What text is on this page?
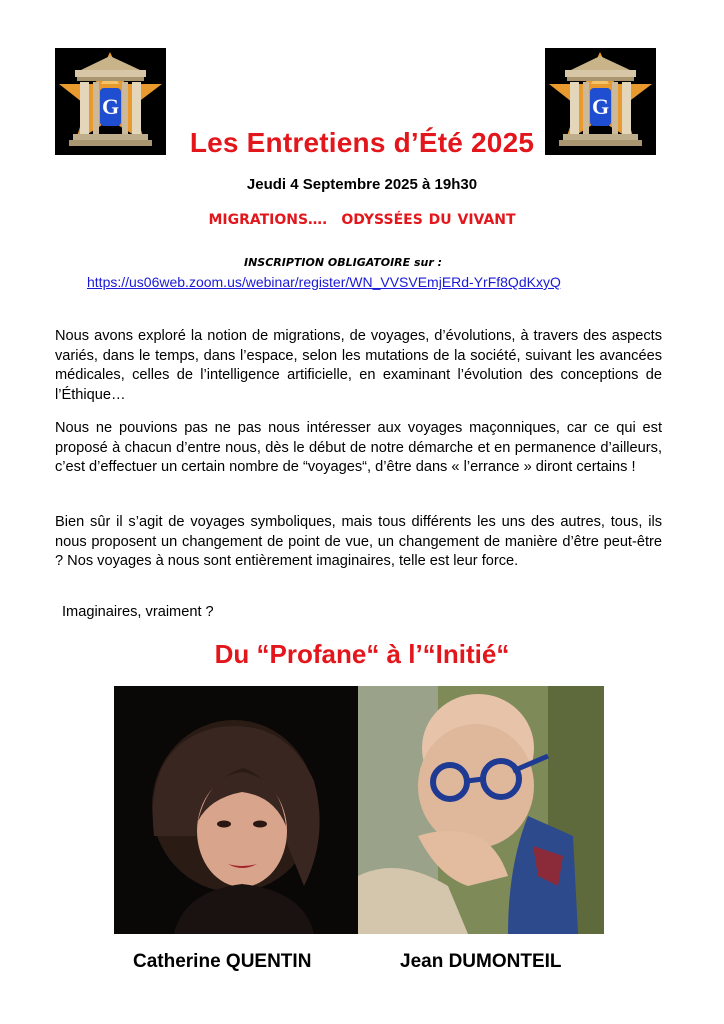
G	G
Les Entretiens d’Été 2025
Jeudi 4 Septembre 2025 à 19h30
MIGRATIONS…. ODYSSÉES DU VIVANT
INSCRIPTION OBLIGATOIRE sur :
https://us06web.zoom.us/webinar/register/WN_VVSVEmjERd-YrFf8QdKxyQ
Nous avons exploré la notion de migrations, de voyages, d’évolutions, à travers des aspects variés, dans le temps, dans l’espace, selon les mutations de la société, suivant les avancées médicales, celles de l’intelligence artificielle, en examinant l’évolution des conceptions de l’Éthique…
Nous ne pouvions pas ne pas nous intéresser aux voyages maçonniques, car ce qui est proposé à chacun d’entre nous, dès le début de notre démarche et en permanence d’ailleurs, c’est d’effectuer un certain nombre de “voyages“, d’être dans « l’errance » diront certains !
Bien sûr il s’agit de voyages symboliques, mais tous différents les uns des autres, tous, ils nous proposent un changement de point de vue, un changement de manière d’être peut-être ? Nos voyages à nous sont entièrement imaginaires, telle est leur force.
Imaginaires, vraiment ?
Du “Profane“ à l’“Initié“
Catherine QUENTIN	Jean DUMONTEIL
